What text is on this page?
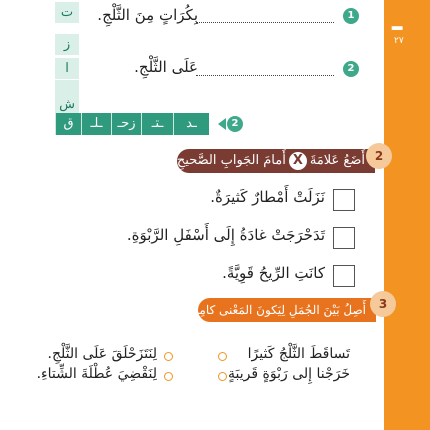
ـ
٢٧
1
بِكُرَاتٍ مِنَ الثَّلْجِ.
2
عَلَى الثَّلْجِ.
ت
ز
ا
ش
ق	ـلـ	زحـ	ـتـ	ـد	2
أَضَعُ عَلامَةَXأَمامَ الجَوابِ الصَّحيحِ	2
نَزَلَتْ أَمْطارٌ كَثيرَةٌ.
تَدَحْرَجَتْ غادَةُ إِلَى أَسْفَلِ الرَّبْوَةِ.
كانَتِ الرِّيحُ قَوِيَّةً.
أَصِلُ بَيْنَ الجُمَلِ لِيَكونَ المَعْنى كامِلاً	3
تَساقَطَ الثَّلْجُ كَثيرًا
خَرَجْنا إِلى رَبْوَةٍ قَريبَةٍ
لِنَتَزَحْلَقَ عَلَى الثَّلْجِ.
لِنَقْضِيَ عُطْلَةَ الشِّتاءِ.
